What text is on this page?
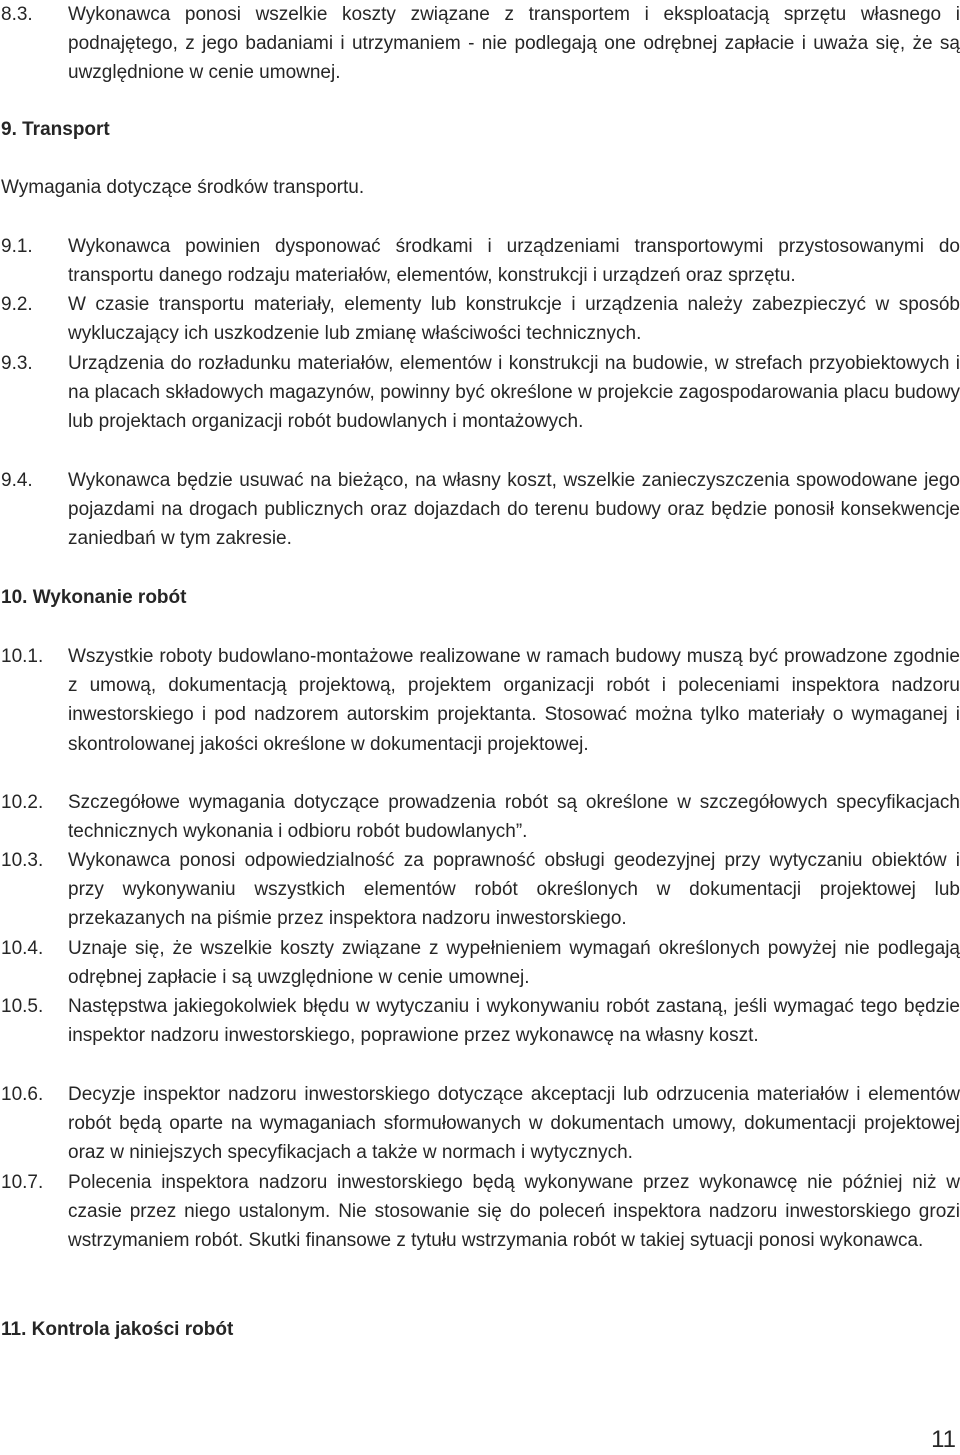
8.3. Wykonawca ponosi wszelkie koszty związane z transportem i eksploatacją sprzętu własnego i podnajętego, z jego badaniami i utrzymaniem - nie podlegają one odrębnej zapłacie i uważa się, że są uwzględnione w cenie umownej.
9. Transport
Wymagania dotyczące środków transportu.
9.1. Wykonawca powinien dysponować środkami i urządzeniami transportowymi przystosowanymi do transportu danego rodzaju materiałów, elementów, konstrukcji i urządzeń oraz sprzętu.
9.2. W czasie transportu materiały, elementy lub konstrukcje i urządzenia należy zabezpieczyć w sposób wykluczający ich uszkodzenie lub zmianę właściwości technicznych.
9.3. Urządzenia do rozładunku materiałów, elementów i konstrukcji na budowie, w strefach przyobiektowych i na placach składowych magazynów, powinny być określone w projekcie zagospodarowania placu budowy lub projektach organizacji robót budowlanych i montażowych.
9.4. Wykonawca będzie usuwać na bieżąco, na własny koszt, wszelkie zanieczyszczenia spowodowane jego pojazdami na drogach publicznych oraz dojazdach do terenu budowy oraz będzie ponosił konsekwencje zaniedbań w tym zakresie.
10. Wykonanie robót
10.1. Wszystkie roboty budowlano-montażowe realizowane w ramach budowy muszą być prowadzone zgodnie z umową, dokumentacją projektową, projektem organizacji robót i poleceniami inspektora nadzoru inwestorskiego i pod nadzorem autorskim projektanta. Stosować można tylko materiały o wymaganej i skontrolowanej jakości określone w dokumentacji projektowej.
10.2. Szczegółowe wymagania dotyczące prowadzenia robót są określone w szczegółowych specyfikacjach technicznych wykonania i odbioru robót budowlanych”.
10.3. Wykonawca ponosi odpowiedzialność za poprawność obsługi geodezyjnej przy wytyczaniu obiektów i przy wykonywaniu wszystkich elementów robót określonych w dokumentacji projektowej lub przekazanych na piśmie przez inspektora nadzoru inwestorskiego.
10.4. Uznaje się, że wszelkie koszty związane z wypełnieniem wymagań określonych powyżej nie podlegają odrębnej zapłacie i są uwzględnione w cenie umownej.
10.5. Następstwa jakiegokolwiek błędu w wytyczaniu i wykonywaniu robót zastaną, jeśli wymagać tego będzie inspektor nadzoru inwestorskiego, poprawione przez wykonawcę na własny koszt.
10.6. Decyzje inspektor nadzoru inwestorskiego dotyczące akceptacji lub odrzucenia materiałów i elementów robót będą oparte na wymaganiach sformułowanych w dokumentach umowy, dokumentacji projektowej oraz w niniejszych specyfikacjach a także w normach i wytycznych.
10.7. Polecenia inspektora nadzoru inwestorskiego będą wykonywane przez wykonawcę nie później niż w czasie przez niego ustalonym. Nie stosowanie się do poleceń inspektora nadzoru inwestorskiego grozi wstrzymaniem robót. Skutki finansowe z tytułu wstrzymania robót w takiej sytuacji ponosi wykonawca.
11. Kontrola jakości robót
11
